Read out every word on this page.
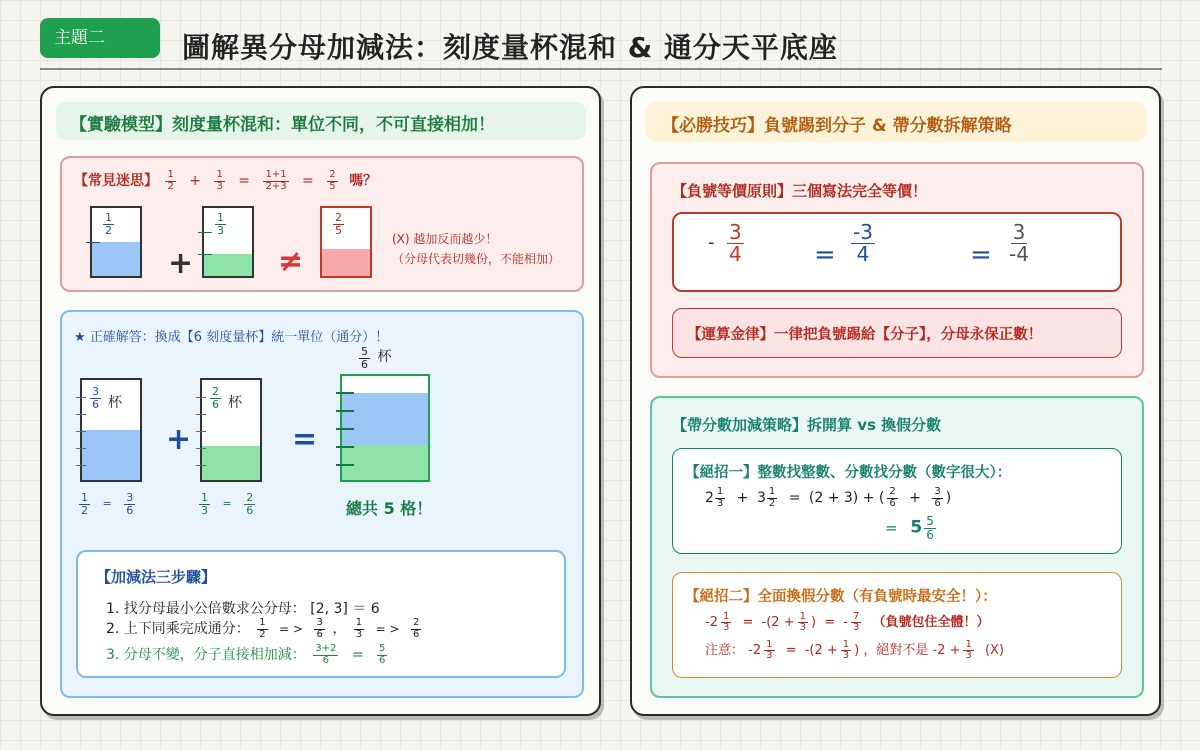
主題二	圖解異分母加減法：刻度量杯混和 & 通分天平底座
【實驗模型】刻度量杯混和：單位不同，不可直接相加！
【常見迷思】 $\frac{1}{2} + \frac{1}{3} = \frac{1+1}{2+3} = \frac{2}{5}$ 嗎？
$\frac{1}{2}$
+
$\frac{1}{3}$
≠
$\frac{2}{5}$
(X) 越加反而越少！
（分母代表切幾份，不能相加）
★ 正確解答：換成【6 刻度量杯】統一單位（通分）！
$\frac{3}{6}$ 杯
+
$\frac{2}{6}$ 杯
=
$\frac{5}{6}$ 杯
$\frac{1}{2} = \frac{3}{6}$	$\frac{1}{3} = \frac{2}{6}$	總共 5 格！
【加減法三步驟】
1. 找分母最小公倍數求公分母： [2, 3] ＝ 6
2. 上下同乘完成通分： $\frac{1}{2}$ = > $\frac{3}{6}$ ， $\frac{1}{3}$ = > $\frac{2}{6}$
3. 分母不變，分子直接相加減： $\frac{3+2}{6} = \frac{5}{6}$
【必勝技巧】負號踢到分子 & 帶分數拆解策略
【負號等價原則】三個寫法完全等價！
- $\frac{3}{4}$	= $\frac{-3}{4}$	= $\frac{3}{-4}$
【運算金律】一律把負號踢給【分子】，分母永保正數！
【帶分數加減策略】拆開算 vs 換假分數
【絕招一】整數找整數、分數找分數（數字很大）：
$2 \frac{1}{3} + 3 \frac{1}{2} = (2 + 3)$ + ( $\frac{2}{6} + \frac{3}{6}$ )
= $5 \frac{5}{6}$
【絕招二】全面換假分數（有負號時最安全！）：
$-2 \frac{1}{3} = -(2 + \frac{1}{3}$ ) = - $\frac{7}{3}$ （負號包住全體！）
注意： $-2 \frac{1}{3} = -(2 + \frac{1}{3}$ ) ，絕對不是 $-2 + \frac{1}{3} (X)$
